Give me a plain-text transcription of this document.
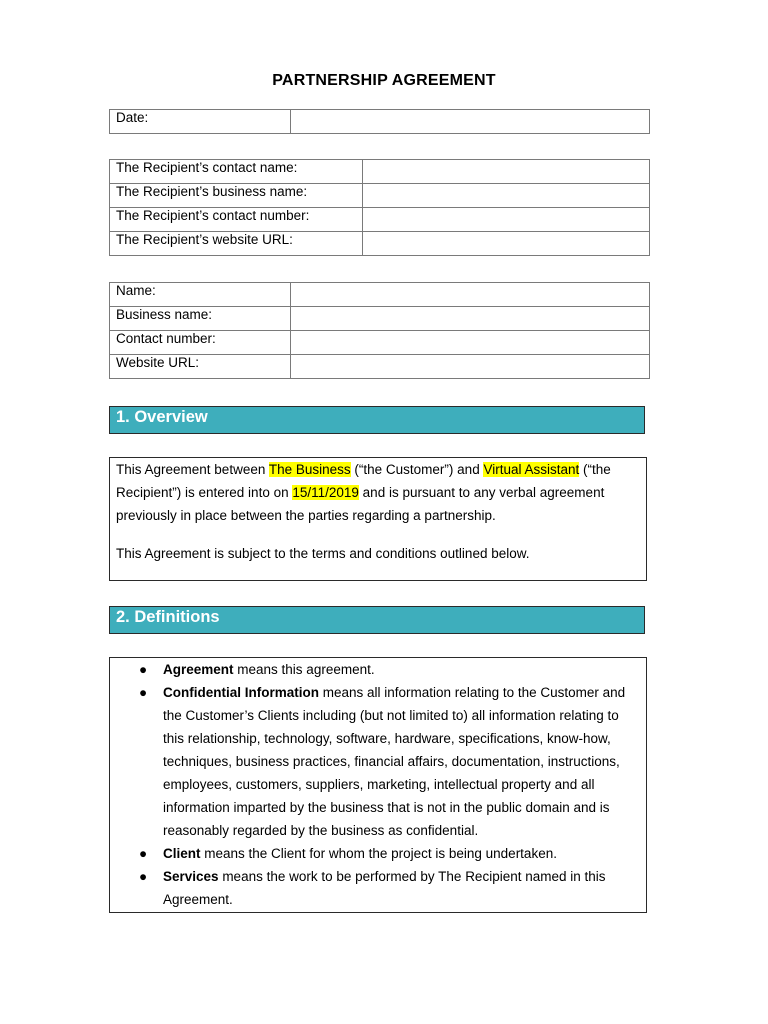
PARTNERSHIP AGREEMENT
Date:	
The Recipient’s contact name:	
The Recipient’s business name:	
The Recipient’s contact number:	
The Recipient’s website URL:	
Name:	
Business name:	
Contact number:	
Website URL:	
1. Overview

This Agreement between The Business (“the Customer”) and Virtual Assistant (“the Recipient”) is entered into on 15/11/2019 and is pursuant to any verbal agreement previously in place between the parties regarding a partnership.

This Agreement is subject to the terms and conditions outlined below.

2. Definitions
● Agreement means this agreement.
● Confidential Information means all information relating to the Customer and the Customer’s Clients including (but not limited to) all information relating to this relationship, technology, software, hardware, specifications, know-how, techniques, business practices, financial affairs, documentation, instructions, employees, customers, suppliers, marketing, intellectual property and all information imparted by the business that is not in the public domain and is reasonably regarded by the business as confidential.
● Client means the Client for whom the project is being undertaken.
● Services means the work to be performed by The Recipient named in this Agreement.
